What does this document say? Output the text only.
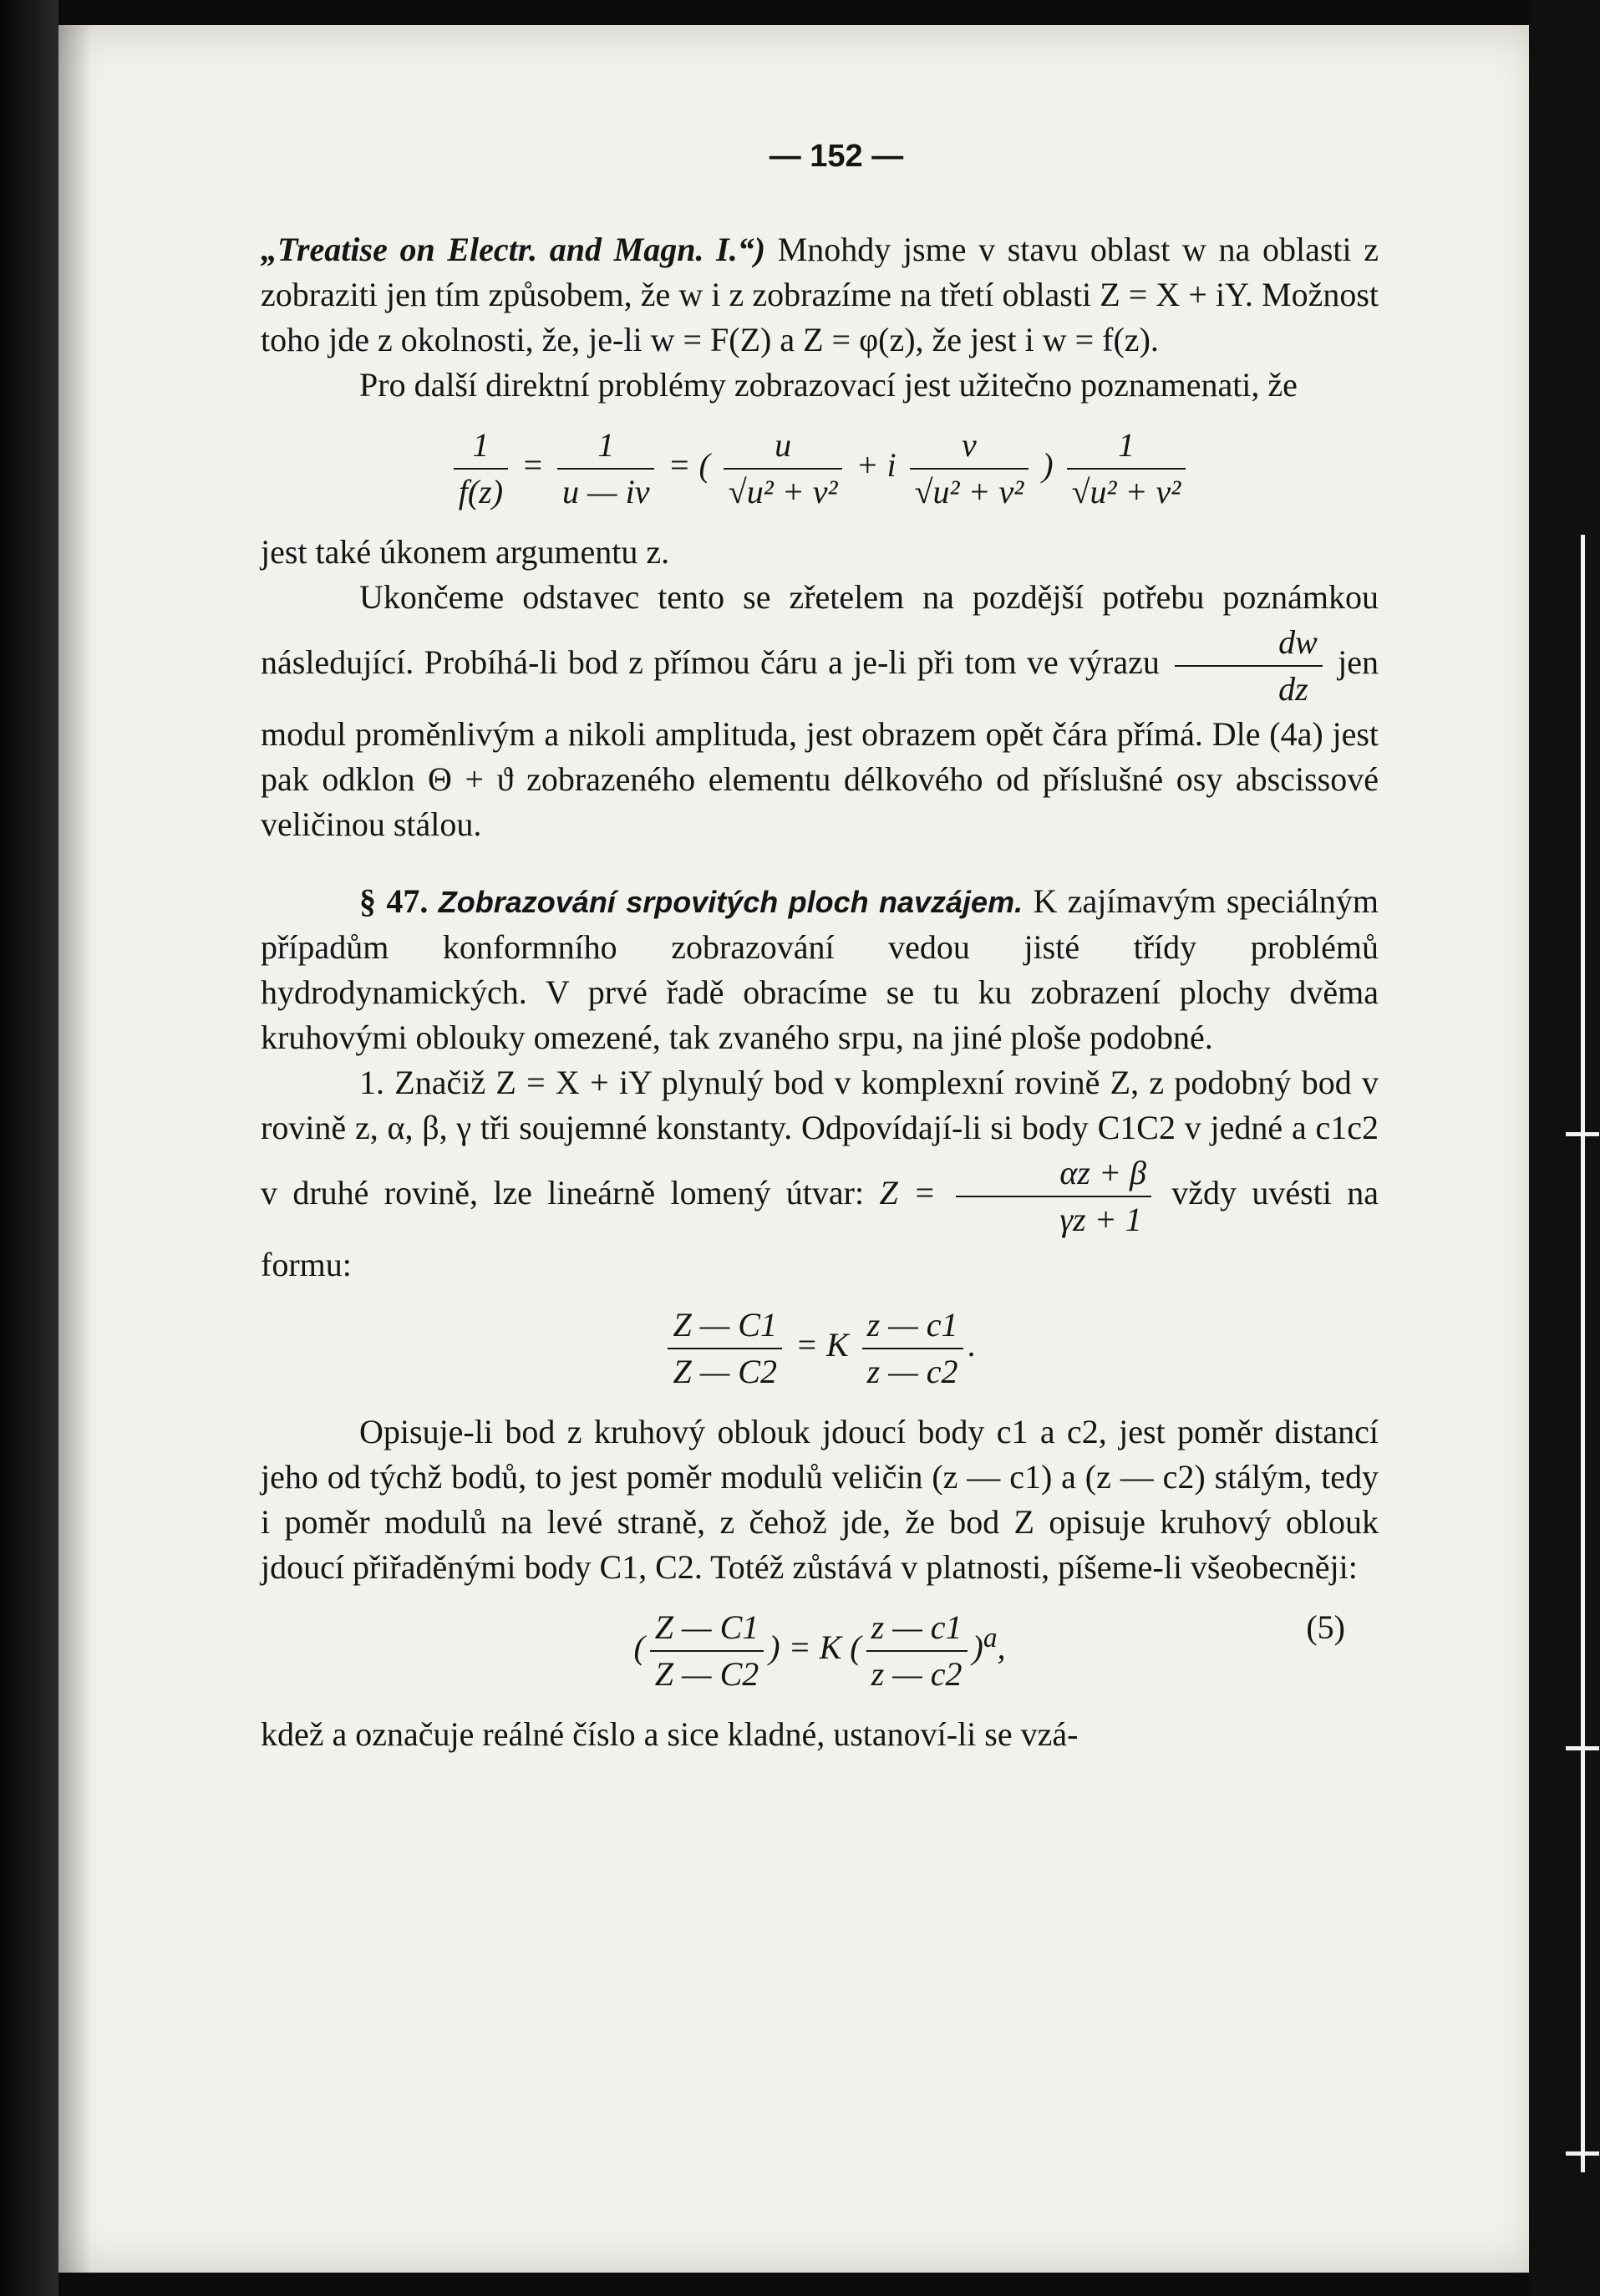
— 152 —

„Treatise on Electr. and Magn. I.“) Mnohdy jsme v stavu oblast w na oblasti z zobraziti jen tím způsobem, že w i z zobrazíme na třetí oblasti Z = X + iY. Možnost toho jde z okolnosti, že, je-li w = F(Z) a Z = φ(z), že jest i w = f(z).

Pro další direktní problémy zobrazovací jest užitečno poznamenati, že

$\frac{1}{f(z)} = \frac{1}{u — iv}$ = ( $\frac{u}{\text{√u² + v²}} + i \frac{v}{\text{√u² + v²}}$ ) $\frac{1}{\text{√u² + v²}}$

jest také úkonem argumentu z.

Ukončeme odstavec tento se zřetelem na pozdější potřebu poznámkou následující. Probíhá-li bod z přímou čáru a je-li při tom ve výrazu $\frac{dw}{dz}$ jen modul proměnlivým a nikoli amplituda, jest obrazem opět čára přímá. Dle (4a) jest pak odklon Θ + ϑ zobrazeného elementu délkového od příslušné osy abscissové veličinou stálou.

§ 47. Zobrazování srpovitých ploch navzájem. K zajímavým speciálným případům konformního zobrazování vedou jisté třídy problémů hydrodynamických. V prvé řadě obracíme se tu ku zobrazení plochy dvěma kruhovými oblouky omezené, tak zvaného srpu, na jiné ploše podobné.

1. Značiž Z = X + iY plynulý bod v komplexní rovině Z, z podobný bod v rovině z, α, β, γ tři soujemné konstanty. Odpovídají-li si body C1C2 v jedné a c1c2 v druhé rovině, lze lineárně lomený útvar: $Z = \frac{\alpha z + \beta}{\gamma z + 1}$ vždy uvésti na formu:

$\frac{Z — C1}{Z — C2} = K \frac{z — c1}{z — c2}$ .

Opisuje-li bod z kruhový oblouk jdoucí body c1 a c2, jest poměr distancí jeho od týchž bodů, to jest poměr modulů veličin (z — c1) a (z — c2) stálým, tedy i poměr modulů na levé straně, z čehož jde, že bod Z opisuje kruhový oblouk jdoucí přiřaděnými body C1, C2. Totéž zůstává v platnosti, píšeme-li všeobecněji:

( $\frac{Z — C1}{Z — C2}$ ) = K ( $\frac{z — c1}{z — c2} )^a$,
(5)

kdež a označuje reálné číslo a sice kladné, ustanoví-li se vzá-
